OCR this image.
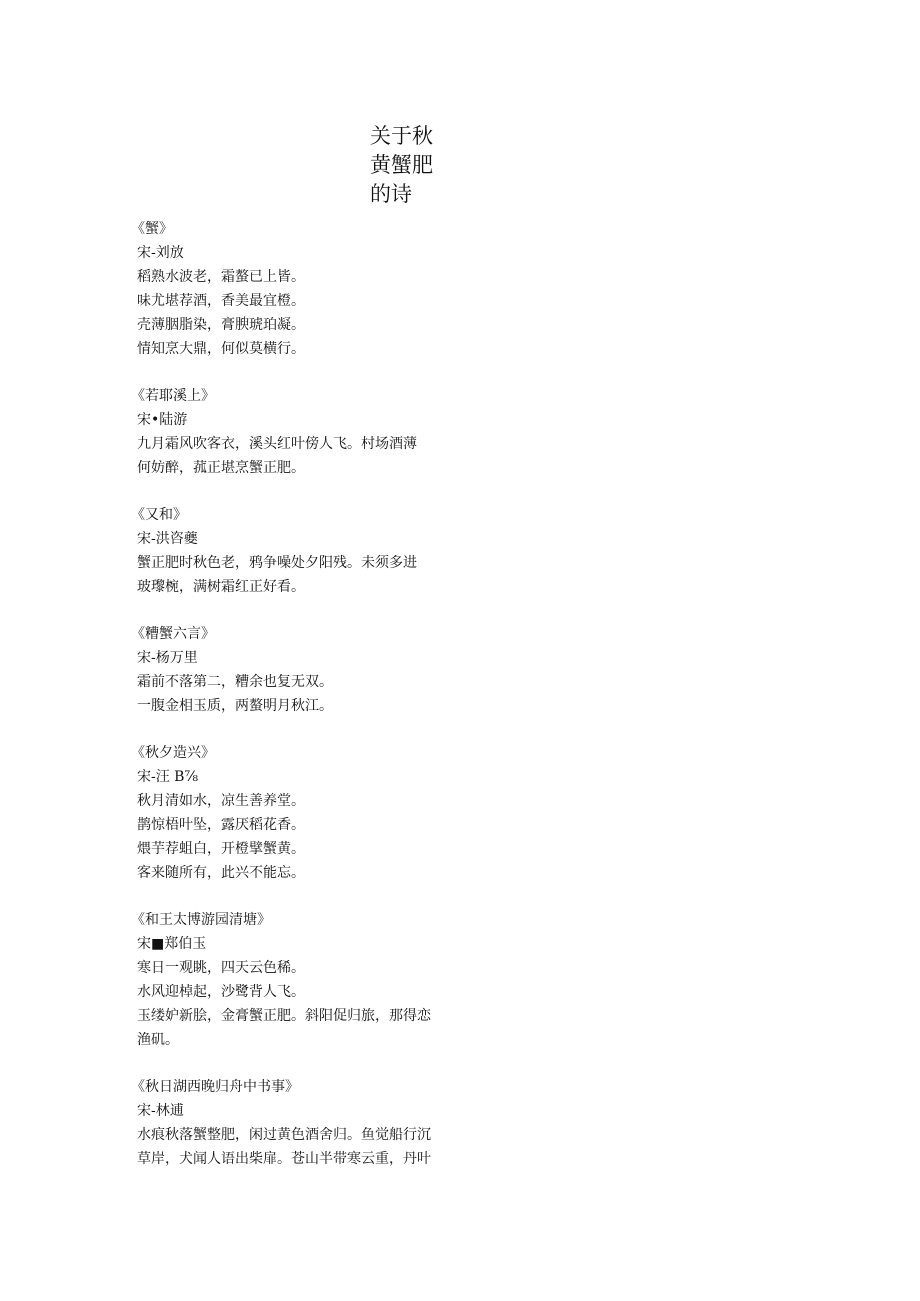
关于秋
黄蟹肥
的诗
《蟹》
宋-刘放
稻熟水波老，霜螯已上皆。
味尤堪荐酒，香美最宜橙。
壳薄胭脂染，膏腴琥珀凝。
情知烹大鼎，何似莫横行。
《若耶溪上》
宋•陆游
九月霜风吹客衣，溪头红叶傍人飞。村场酒薄
何妨醉，菰正堪烹蟹正肥。
《又和》
宋-洪咨夔
蟹正肥时秋色老，鸦争噪处夕阳残。未须多进
玻瓈椀，满树霜红正好看。
《糟蟹六言》
宋-杨万里
霜前不落第二，糟余也复无双。
一腹金相玉质，两螯明月秋江。
《秋夕造兴》
宋-汪 B⅞
秋月清如水，凉生善养堂。
鹊惊梧叶坠，露厌稻花香。
煨芋荐蛆白，开橙擘蟹黄。
客来随所有，此兴不能忘。
《和王太博游园清塘》
宋■郑伯玉
寒日一观眺，四天云色稀。
水风迎棹起，沙鹭背人飞。
玉缕妒新脍，金膏蟹正肥。斜阳促归旅，那得恋
渔矶。
《秋日湖西晚归舟中书事》
宋-林逋
水痕秋落蟹整肥，闲过黄色酒舍归。鱼觉船行沉
草岸，犬闻人语出柴扉。苍山半带寒云重，丹叶
